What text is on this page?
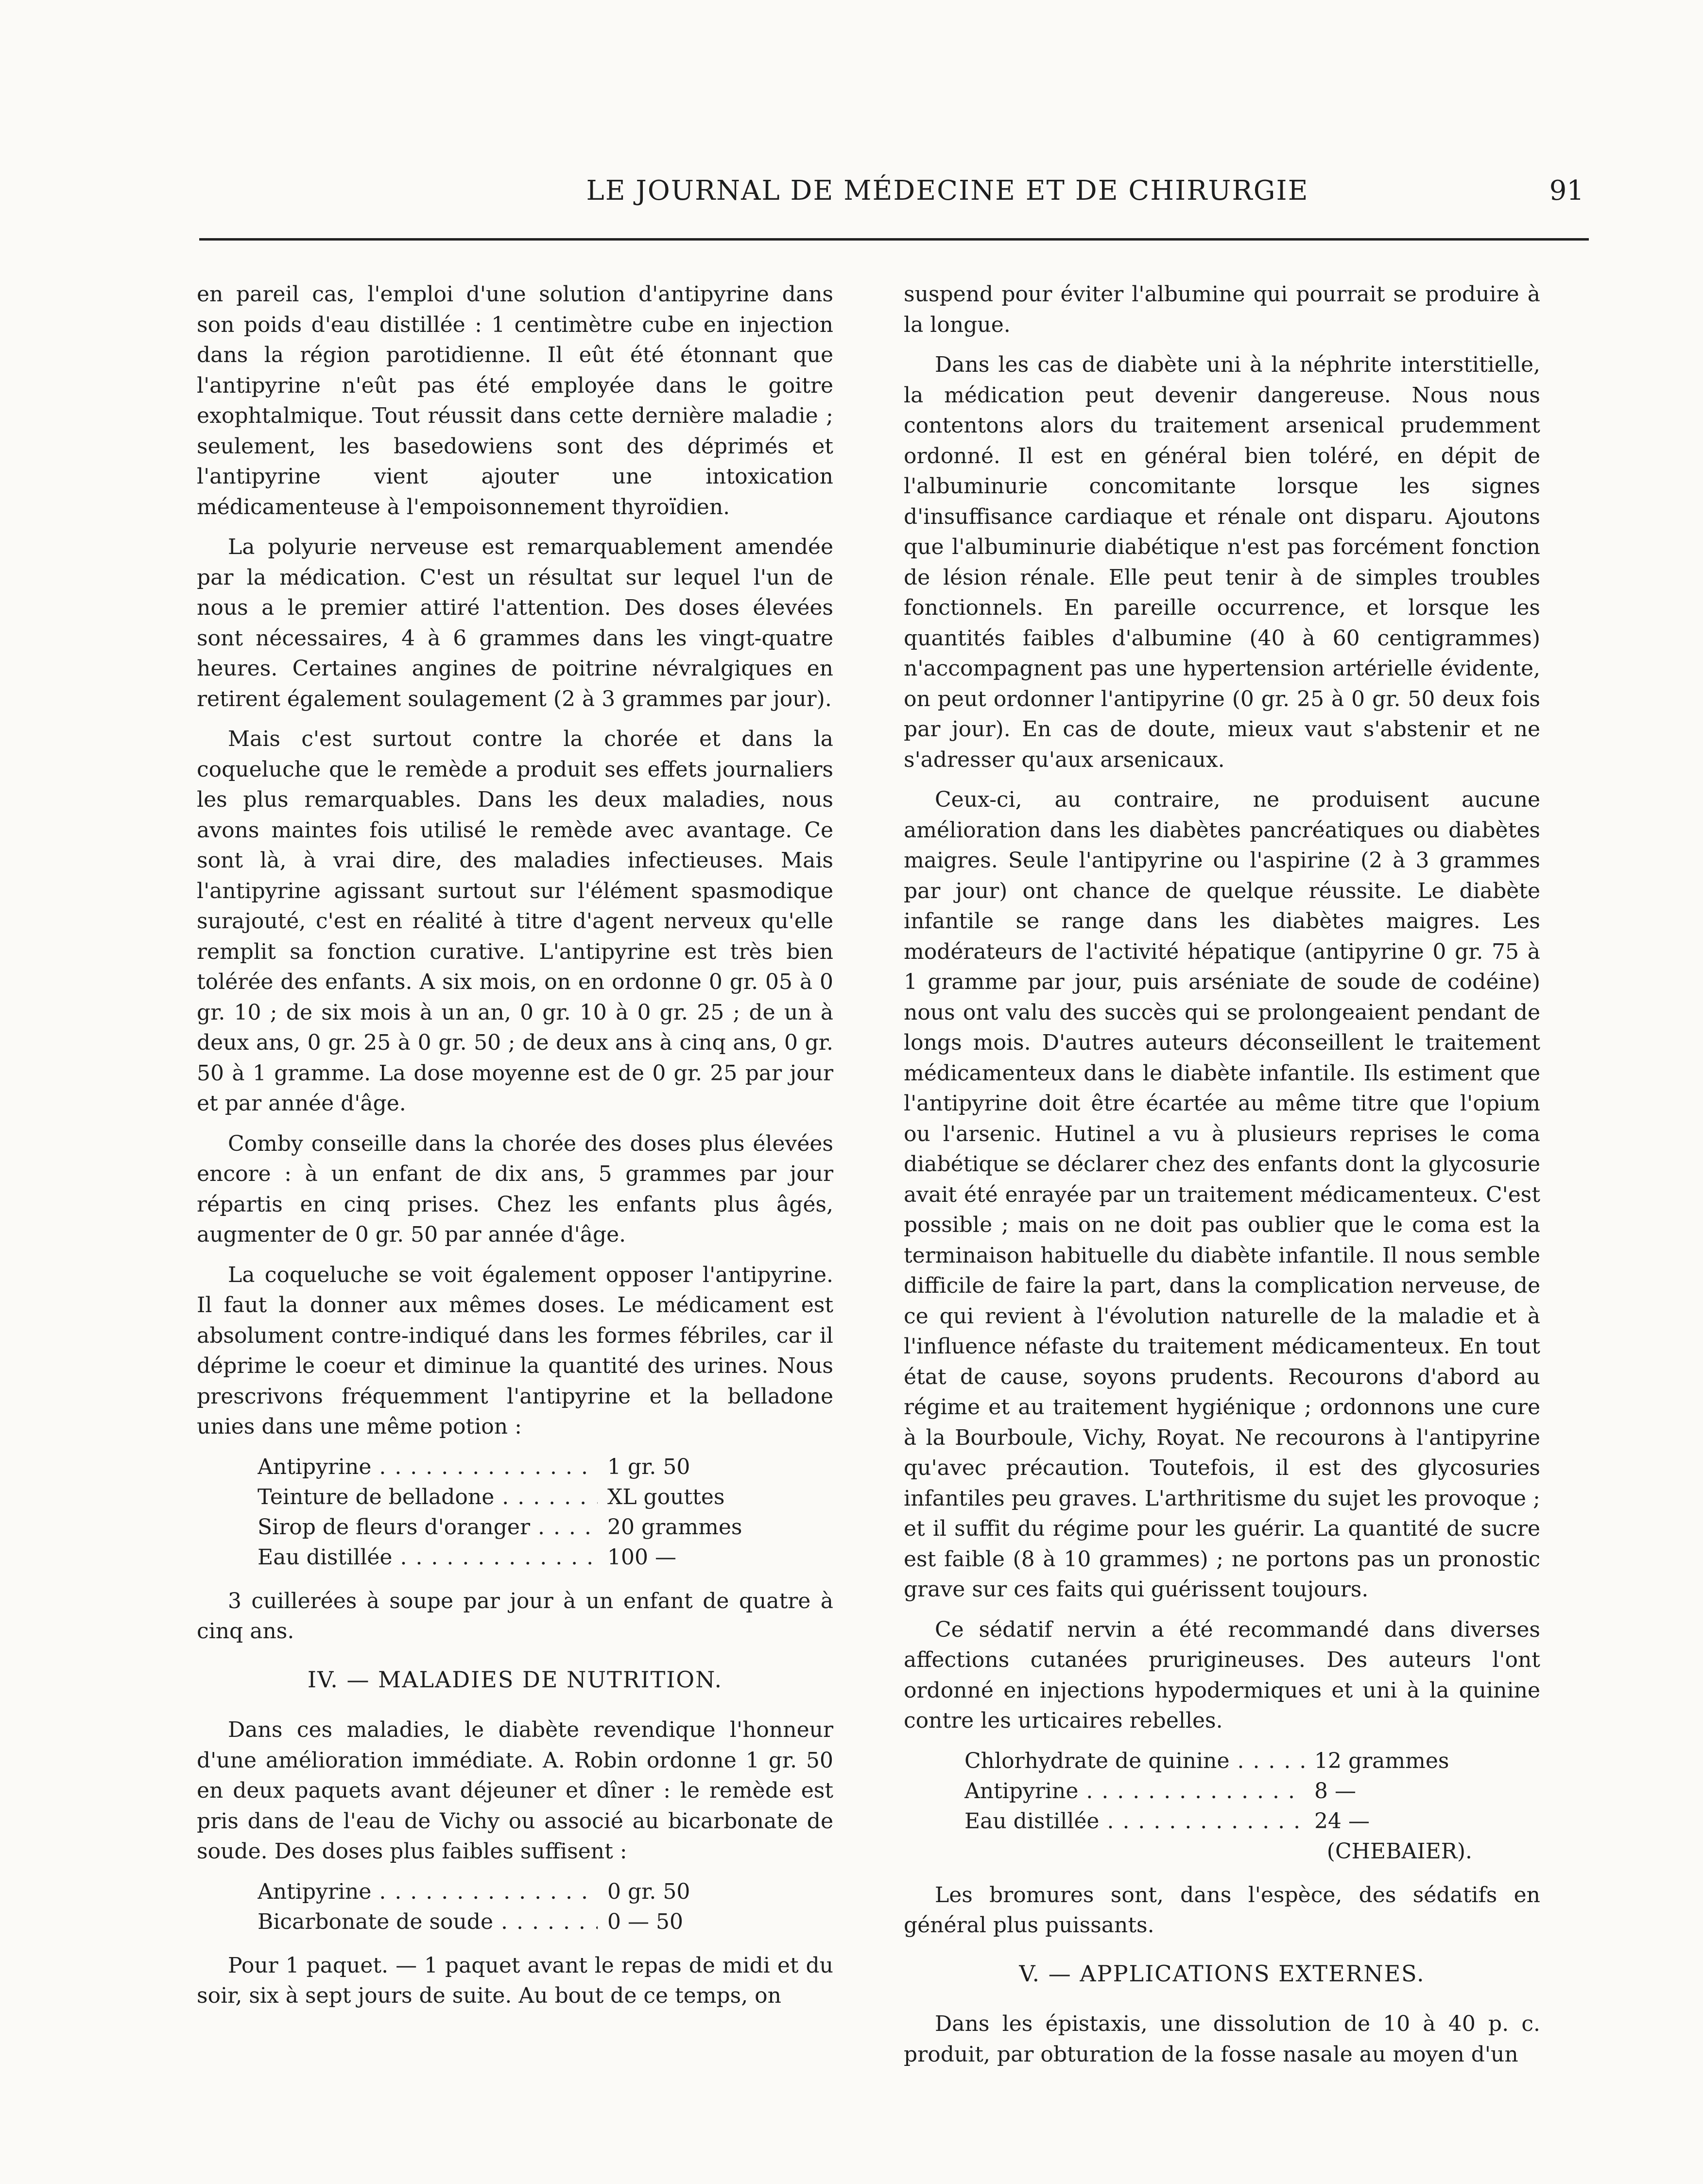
LE JOURNAL DE MÉDECINE ET DE CHIRURGIE	91

en pareil cas, l'emploi d'une solution d'antipyrine dans son poids d'eau distillée : 1 centimètre cube en injection dans la région parotidienne. Il eût été étonnant que l'antipyrine n'eût pas été employée dans le goitre exophtalmique. Tout réussit dans cette dernière maladie ; seulement, les basedowiens sont des déprimés et l'antipyrine vient ajouter une intoxication médicamenteuse à l'empoisonnement thyroïdien.

La polyurie nerveuse est remarquablement amendée par la médication. C'est un résultat sur lequel l'un de nous a le premier attiré l'attention. Des doses élevées sont nécessaires, 4 à 6 grammes dans les vingt-quatre heures. Certaines angines de poitrine névralgiques en retirent également soulagement (2 à 3 grammes par jour).

Mais c'est surtout contre la chorée et dans la coqueluche que le remède a produit ses effets journaliers les plus remarquables. Dans les deux maladies, nous avons maintes fois utilisé le remède avec avantage. Ce sont là, à vrai dire, des maladies infectieuses. Mais l'antipyrine agissant surtout sur l'élément spasmodique surajouté, c'est en réalité à titre d'agent nerveux qu'elle remplit sa fonction curative. L'antipyrine est très bien tolérée des enfants. A six mois, on en ordonne 0 gr. 05 à 0 gr. 10 ; de six mois à un an, 0 gr. 10 à 0 gr. 25 ; de un à deux ans, 0 gr. 25 à 0 gr. 50 ; de deux ans à cinq ans, 0 gr. 50 à 1 gramme. La dose moyenne est de 0 gr. 25 par jour et par année d'âge.

Comby conseille dans la chorée des doses plus élevées encore : à un enfant de dix ans, 5 grammes par jour répartis en cinq prises. Chez les enfants plus âgés, augmenter de 0 gr. 50 par année d'âge.

La coqueluche se voit également opposer l'antipyrine. Il faut la donner aux mêmes doses. Le médicament est absolument contre-indiqué dans les formes fébriles, car il déprime le coeur et diminue la quantité des urines. Nous prescrivons fréquemment l'antipyrine et la belladone unies dans une même potion :

Antipyrine . . .	1 gr. 50
Teinture de belladone . . .	XL gouttes
Sirop de fleurs d'oranger . . .	20 grammes
Eau distillée . . .	100 —

3 cuillerées à soupe par jour à un enfant de quatre à cinq ans.

IV. — MALADIES DE NUTRITION.

Dans ces maladies, le diabète revendique l'honneur d'une amélioration immédiate. A. Robin ordonne 1 gr. 50 en deux paquets avant déjeuner et dîner : le remède est pris dans de l'eau de Vichy ou associé au bicarbonate de soude. Des doses plus faibles suffisent :

Antipyrine . . .	0 gr. 50
Bicarbonate de soude . . .	0 — 50

Pour 1 paquet. — 1 paquet avant le repas de midi et du soir, six à sept jours de suite. Au bout de ce temps, on

suspend pour éviter l'albumine qui pourrait se produire à la longue.

Dans les cas de diabète uni à la néphrite interstitielle, la médication peut devenir dangereuse. Nous nous contentons alors du traitement arsenical prudemment ordonné. Il est en général bien toléré, en dépit de l'albuminurie concomitante lorsque les signes d'insuffisance cardiaque et rénale ont disparu. Ajoutons que l'albuminurie diabétique n'est pas forcément fonction de lésion rénale. Elle peut tenir à de simples troubles fonctionnels. En pareille occurrence, et lorsque les quantités faibles d'albumine (40 à 60 centigrammes) n'accompagnent pas une hypertension artérielle évidente, on peut ordonner l'antipyrine (0 gr. 25 à 0 gr. 50 deux fois par jour). En cas de doute, mieux vaut s'abstenir et ne s'adresser qu'aux arsenicaux.

Ceux-ci, au contraire, ne produisent aucune amélioration dans les diabètes pancréatiques ou diabètes maigres. Seule l'antipyrine ou l'aspirine (2 à 3 grammes par jour) ont chance de quelque réussite. Le diabète infantile se range dans les diabètes maigres. Les modérateurs de l'activité hépatique (antipyrine 0 gr. 75 à 1 gramme par jour, puis arséniate de soude de codéine) nous ont valu des succès qui se prolongeaient pendant de longs mois. D'autres auteurs déconseillent le traitement médicamenteux dans le diabète infantile. Ils estiment que l'antipyrine doit être écartée au même titre que l'opium ou l'arsenic. Hutinel a vu à plusieurs reprises le coma diabétique se déclarer chez des enfants dont la glycosurie avait été enrayée par un traitement médicamenteux. C'est possible ; mais on ne doit pas oublier que le coma est la terminaison habituelle du diabète infantile. Il nous semble difficile de faire la part, dans la complication nerveuse, de ce qui revient à l'évolution naturelle de la maladie et à l'influence néfaste du traitement médicamenteux. En tout état de cause, soyons prudents. Recourons d'abord au régime et au traitement hygiénique ; ordonnons une cure à la Bourboule, Vichy, Royat. Ne recourons à l'antipyrine qu'avec précaution. Toutefois, il est des glycosuries infantiles peu graves. L'arthritisme du sujet les provoque ; et il suffit du régime pour les guérir. La quantité de sucre est faible (8 à 10 grammes) ; ne portons pas un pronostic grave sur ces faits qui guérissent toujours.

Ce sédatif nervin a été recommandé dans diverses affections cutanées prurigineuses. Des auteurs l'ont ordonné en injections hypodermiques et uni à la quinine contre les urticaires rebelles.

Chlorhydrate de quinine . . .	12 grammes
Antipyrine . . .	8 —
Eau distillée . . .	24 —
(CHEBAIER).

Les bromures sont, dans l'espèce, des sédatifs en général plus puissants.

V. — APPLICATIONS EXTERNES.

Dans les épistaxis, une dissolution de 10 à 40 p. c. produit, par obturation de la fosse nasale au moyen d'un
